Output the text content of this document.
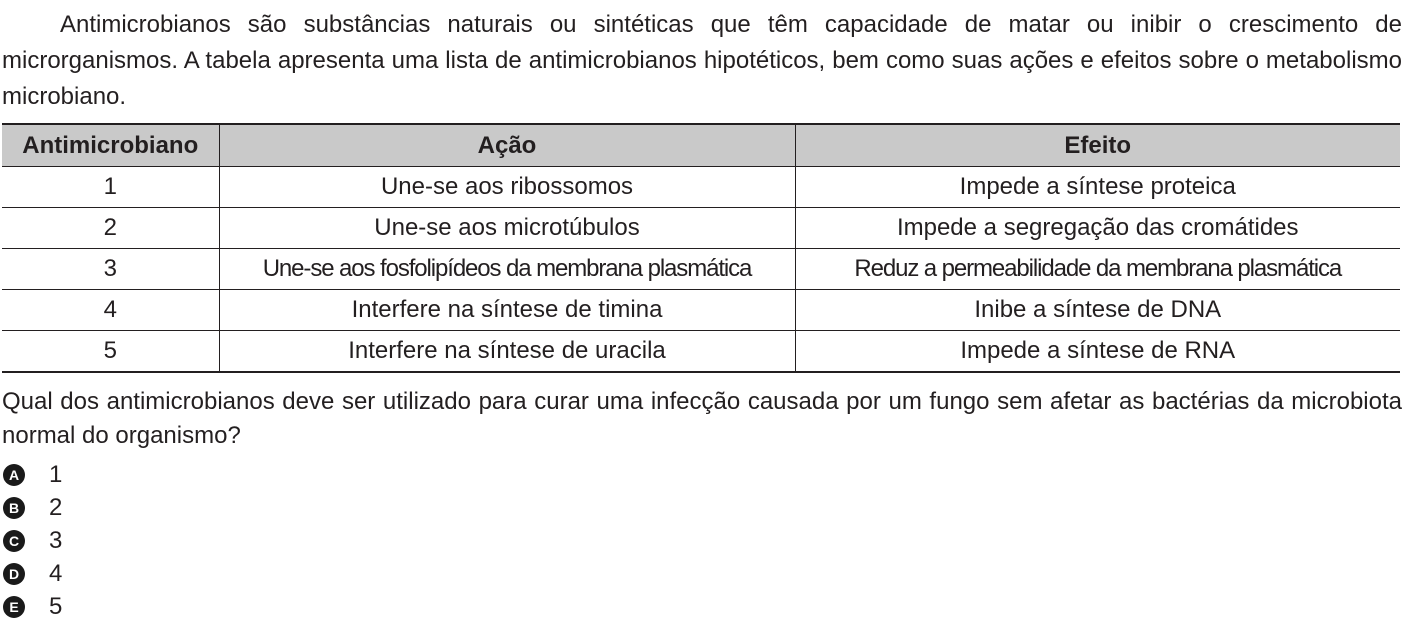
Antimicrobianos são substâncias naturais ou sintéticas que têm capacidade de matar ou inibir o crescimento de microrganismos. A tabela apresenta uma lista de antimicrobianos hipotéticos, bem como suas ações e efeitos sobre o metabolismo microbiano.

Antimicrobiano	Ação	Efeito
1	Une-se aos ribossomos	Impede a síntese proteica
2	Une-se aos microtúbulos	Impede a segregação das cromátides
3	Une-se aos fosfolipídeos da membrana plasmática	Reduz a permeabilidade da membrana plasmática
4	Interfere na síntese de timina	Inibe a síntese de DNA
5	Interfere na síntese de uracila	Impede a síntese de RNA

Qual dos antimicrobianos deve ser utilizado para curar uma infecção causada por um fungo sem afetar as bactérias da microbiota normal do organismo?

A 1
B 2
C 3
D 4
E 5
